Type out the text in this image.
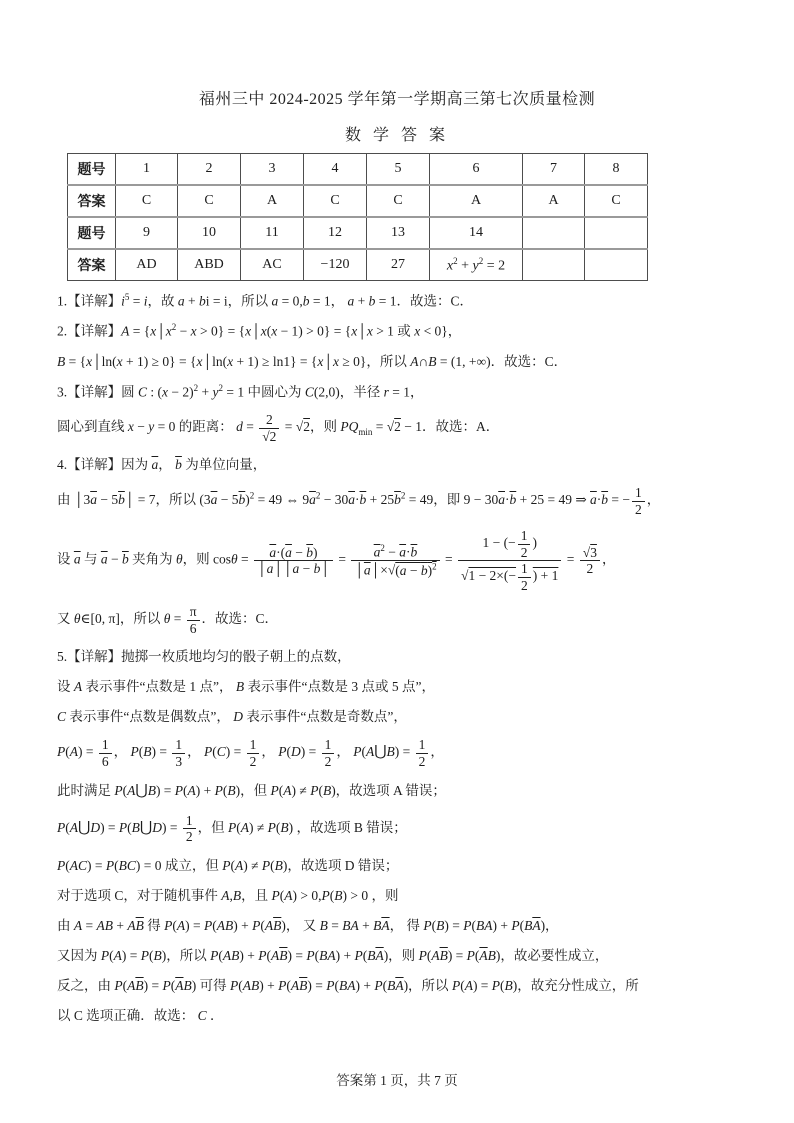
福州三中 2024-2025 学年第一学期高三第七次质量检测
数 学 答 案
题号	1	2	3	4	5	6	7	8
答案	C	C	A	C	C	A	A	C
题号	9	10	11	12	13	14		
答案	AD	ABD	AC	−120	27	$x^2 + y^2 = 2$		
1.【详解】$i^5 = i$，故 a + bi = i，所以 a = 0,b = 1， a + b = 1．故选：C．
2.【详解】$A = \{x│x^2 - x > 0\}$ = {x│x(x − 1) > 0} = {x│x > 1 或 x < 0}，
B = {x│ln(x + 1) ≥ 0} = {x│ln(x + 1) ≥ ln1} = {x│x ≥ 0}，所以 A∩B = (1, +∞)．故选：C．
3.【详解】圆 C : $(x - 2)^2 + y^2 = 1$ 中圆心为 C(2,0)，半径 r = 1，
圆心到直线 x − y = 0 的距离： $d = \frac{2}{√2} = √2$，则 $PQ_{min} = √2 - 1$．故选：A．
4.【详解】因为 $\overline{a}$， $\overline{b}$ 为单位向量，
由 $│3\overline{a}$ − $5\overline{b}│ = 7$，所以 $(3\overline{a} - 5\overline{b})^2 = 49$ ⇔ $9\overline{a}^2 - 30\overline{a}\cdot\overline{b} + 25\overline{b}^2 = 49$，即 $9 - 30\overline{a}\cdot\overline{b} + 25 = 49$ ⇒ $\overline{a}\cdot\overline{b}$ = − $\frac{1}{2}$ ，
设 $\overline{a}$ 与 $\overline{a} - \overline{b}$ 夹角为 θ，则 $\cos\theta = \frac{\overline{a}\cdot(\overline{a} - \overline{b})}{│\overline{a}││\overline{a} - \overline{b}│} = \frac{\overline{a}^2 - \overline{a}\cdot\overline{b}}{│\overline{a}│\times√(a - b)^2} = \frac{1 - (- \frac{1}{2} )}{√1 - 2\times(- \frac{1}{2} ) + 1} = \frac{√3}{2}$ ，
又 θ∈[0, π]，所以 $\theta = \frac{\pi}{6}$ ．故选：C．
5.【详解】抛掷一枚质地均匀的骰子朝上的点数，
设 A 表示事件“点数是 1 点”， B 表示事件“点数是 3 点或 5 点”，
C 表示事件“点数是偶数点”， D 表示事件“点数是奇数点”，
$P(A) = \frac{1}{6}$ ， $P(B) = \frac{1}{3}$ ， $P(C) = \frac{1}{2}$ ， $P(D) = \frac{1}{2}$ ， P(A⋃B) = $\frac{1}{2}$ ，
此时满足 P(A⋃B) = P(A) + P(B)，但 P(A) ≠ P(B)，故选项 A 错误；
P(A⋃D) = P(B⋃D) = $\frac{1}{2}$ ，但 P(A) ≠ P(B) ，故选项 B 错误；
P(AC) = P(BC) = 0 成立，但 P(A) ≠ P(B)，故选项 D 错误；
对于选项 C，对于随机事件 A,B，且 P(A) > 0,P(B) > 0 ，则
由 A = AB + $A\overline{B}$ 得 $P(A) = P(AB) + P(A\overline{B})$， 又 B = BA + $B\overline{A}$， 得 $P(B) = P(BA) + P(B\overline{A})$，
又因为 P(A) = P(B)，所以 $P(AB) + P(A\overline{B}) = P(BA) + P(B\overline{A})$，则 $P(A\overline{B}) = P(\overline{A}B)$，故必要性成立，
反之，由 $P(A\overline{B}) = P(\overline{A}B)$ 可得 $P(AB) + P(A\overline{B}) = P(BA) + P(B\overline{A})$，所以 P(A) = P(B)，故充分性成立，所
以 C 选项正确．故选： C ．
答案第 1 页，共 7 页
